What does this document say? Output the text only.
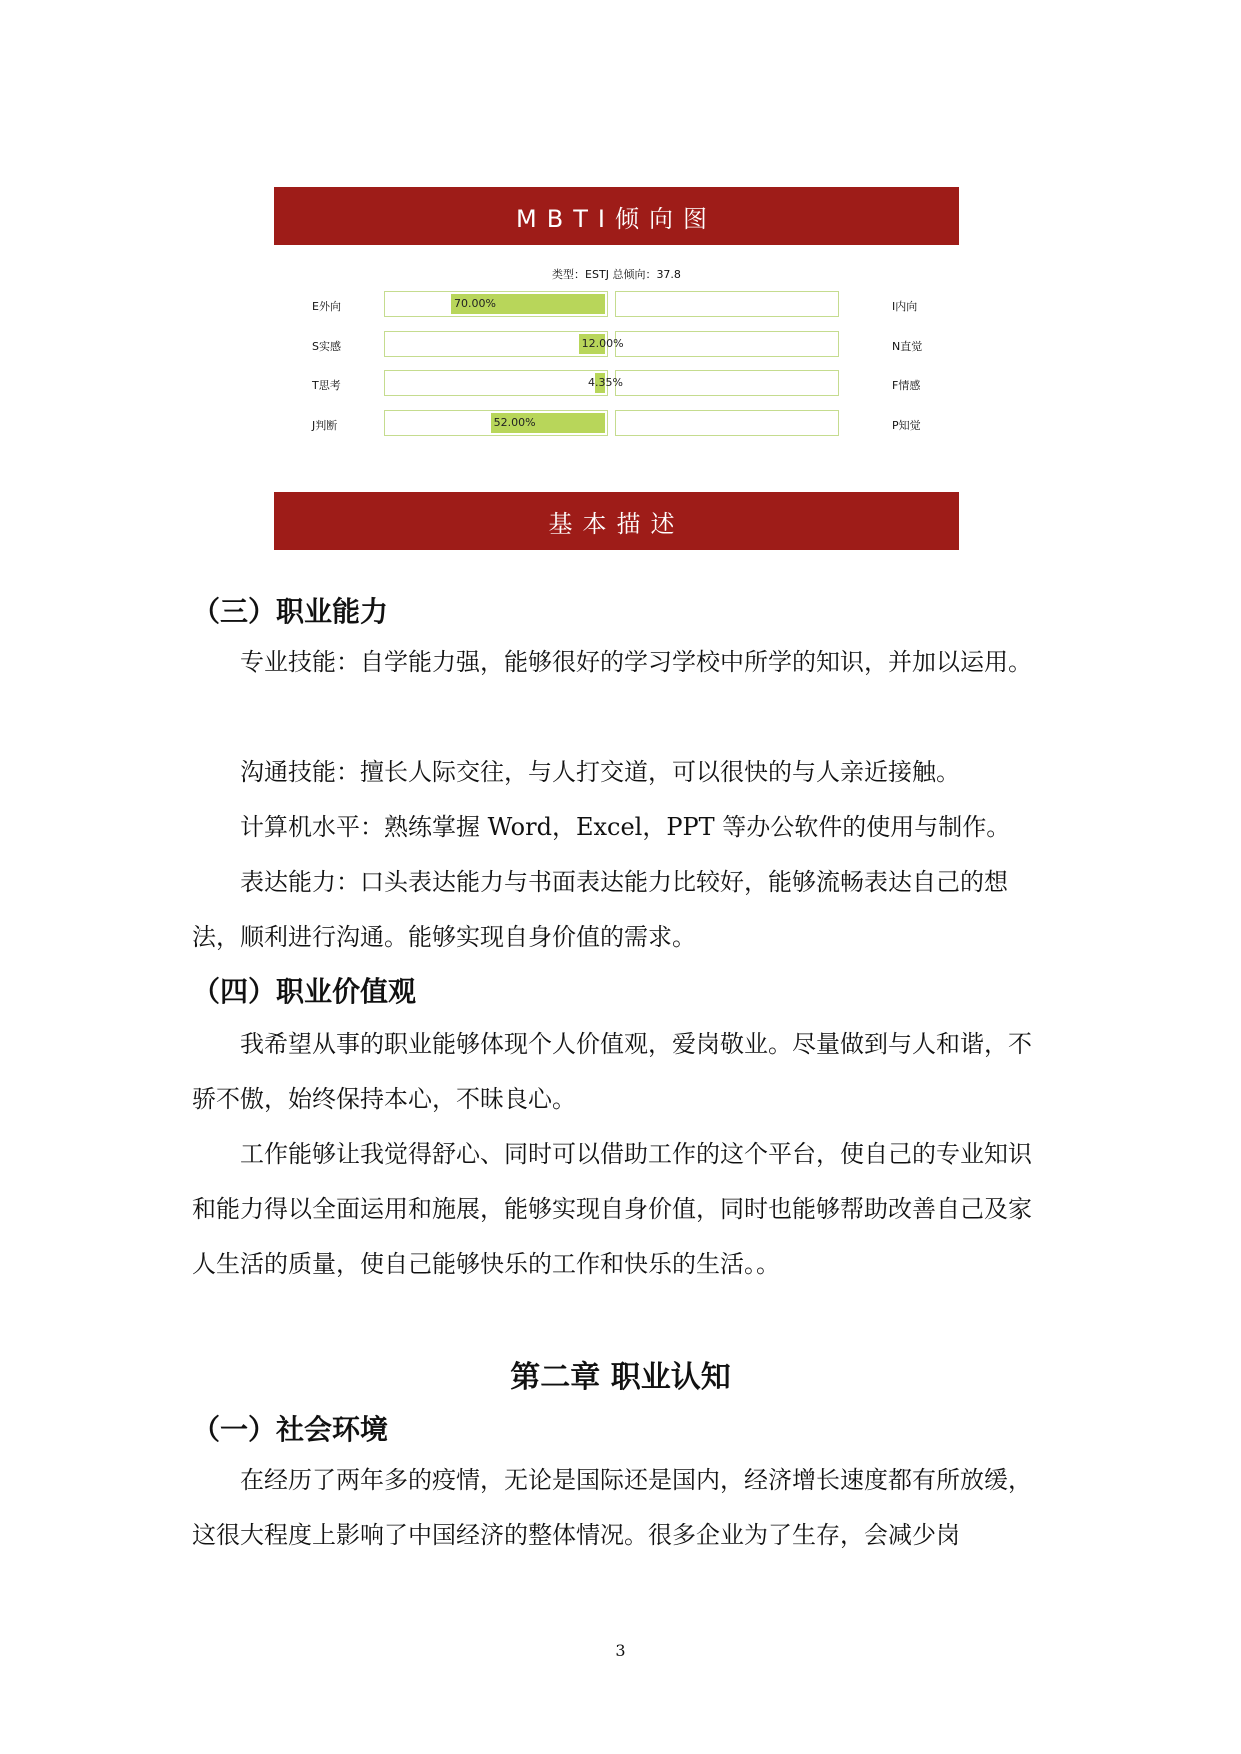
MBTI倾向图
类型：ESTJ 总倾向：37.8
E外向	70.00%	I内向
S实感	12.00%	N直觉
T思考	4.35%	F情感
J判断	52.00%	P知觉
基本描述
（三）职业能力

专业技能：自学能力强，能够很好的学习学校中所学的知识，并加以运用。

沟通技能：擅长人际交往，与人打交道，可以很快的与人亲近接触。

计算机水平：熟练掌握 Word，Excel，PPT 等办公软件的使用与制作。

表达能力：口头表达能力与书面表达能力比较好，能够流畅表达自己的想法，顺利进行沟通。能够实现自身价值的需求。

（四）职业价值观

我希望从事的职业能够体现个人价值观，爱岗敬业。尽量做到与人和谐，不骄不傲，始终保持本心，不昧良心。

工作能够让我觉得舒心、同时可以借助工作的这个平台，使自己的专业知识和能力得以全面运用和施展，能够实现自身价值，同时也能够帮助改善自己及家人生活的质量，使自己能够快乐的工作和快乐的生活。。

第二章 职业认知
（一）社会环境

在经历了两年多的疫情，无论是国际还是国内，经济增长速度都有所放缓，这很大程度上影响了中国经济的整体情况。很多企业为了生存，会减少岗

3
